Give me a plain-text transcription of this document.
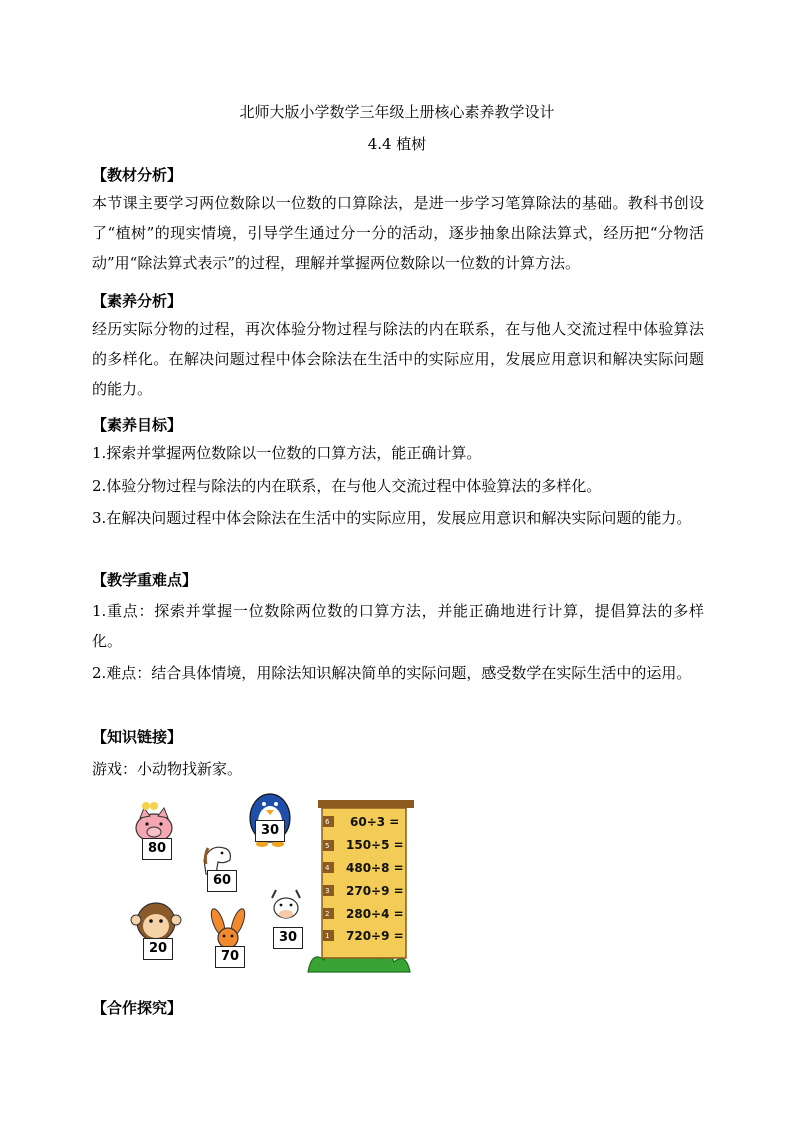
北师大版小学数学三年级上册核心素养教学设计
4.4 植树
【教材分析】

本节课主要学习两位数除以一位数的口算除法，是进一步学习笔算除法的基础。教科书创设了“植树”的现实情境，引导学生通过分一分的活动，逐步抽象出除法算式，经历把“分物活动”用“除法算式表示”的过程，理解并掌握两位数除以一位数的计算方法。

【素养分析】

经历实际分物的过程，再次体验分物过程与除法的内在联系，在与他人交流过程中体验算法的多样化。在解决问题过程中体会除法在生活中的实际应用，发展应用意识和解决实际问题的能力。

【素养目标】

1.探索并掌握两位数除以一位数的口算方法，能正确计算。

2.体验分物过程与除法的内在联系，在与他人交流过程中体验算法的多样化。

3.在解决问题过程中体会除法在生活中的实际应用，发展应用意识和解决实际问题的能力。

【教学重难点】

1.重点：探索并掌握一位数除两位数的口算方法，并能正确地进行计算，提倡算法的多样化。

2.难点：结合具体情境，用除法知识解决简单的实际问题，感受数学在实际生活中的运用。

【知识链接】

游戏：小动物找新家。

80
30
60
20
70
30
6
5
4
3
2
1
60÷3 =
150÷5 =
480÷8 =
270÷9 =
280÷4 =
720÷9 =
【合作探究】
